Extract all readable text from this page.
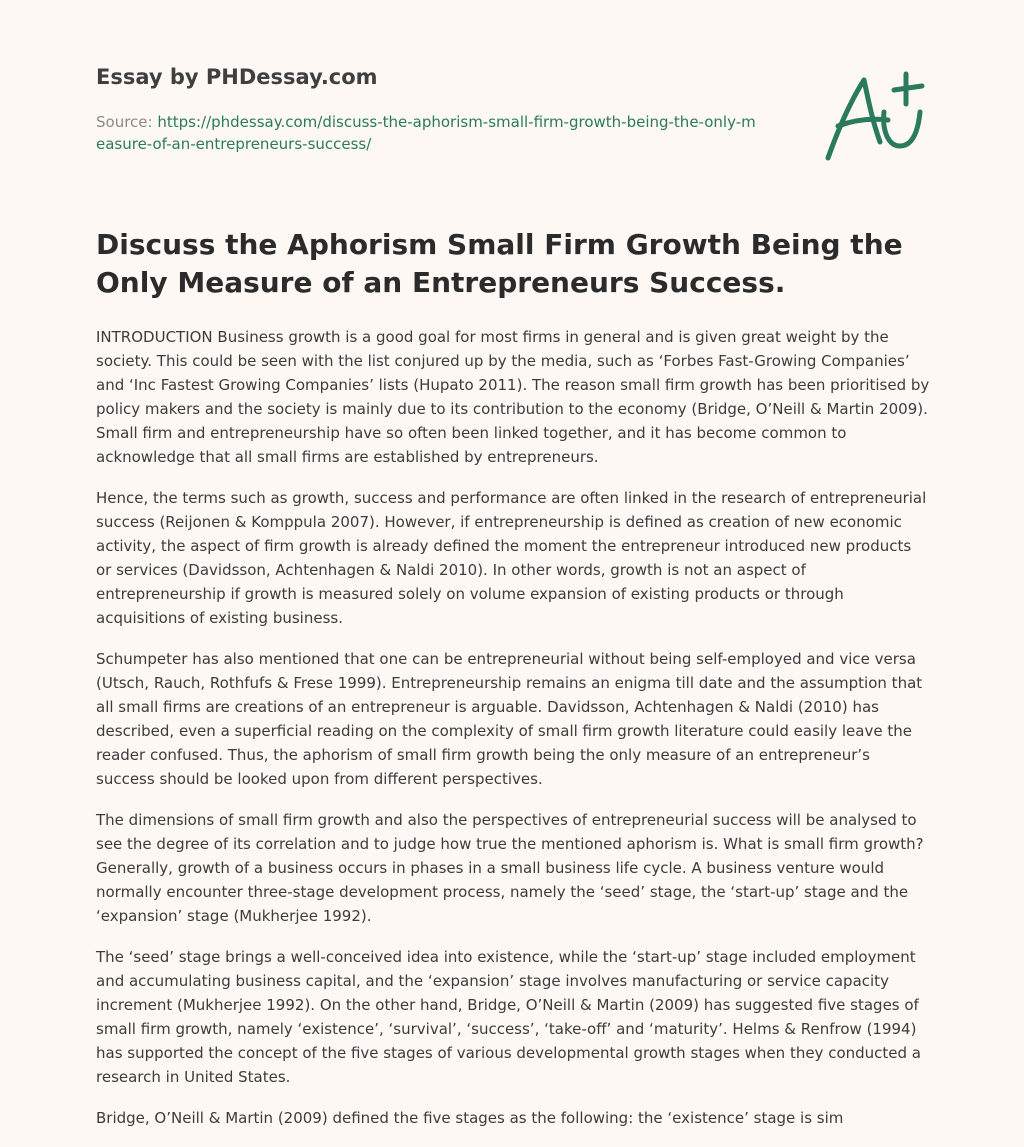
Essay by PHDessay.com
Source: https://phdessay.com/discuss-the-aphorism-small-firm-growth-being-the-only-measure-of-an-entrepreneurs-success/
Discuss the Aphorism Small Firm Growth Being the Only Measure of an Entrepreneurs Success.

INTRODUCTION Business growth is a good goal for most firms in general and is given great weight by the society. This could be seen with the list conjured up by the media, such as ‘Forbes Fast-Growing Companies’ and ‘Inc Fastest Growing Companies’ lists (Hupato 2011). The reason small firm growth has been prioritised by policy makers and the society is mainly due to its contribution to the economy (Bridge, O’Neill & Martin 2009). Small firm and entrepreneurship have so often been linked together, and it has become common to acknowledge that all small firms are established by entrepreneurs.

Hence, the terms such as growth, success and performance are often linked in the research of entrepreneurial success (Reijonen & Komppula 2007). However, if entrepreneurship is defined as creation of new economic activity, the aspect of firm growth is already defined the moment the entrepreneur introduced new products or services (Davidsson, Achtenhagen & Naldi 2010). In other words, growth is not an aspect of entrepreneurship if growth is measured solely on volume expansion of existing products or through acquisitions of existing business.

Schumpeter has also mentioned that one can be entrepreneurial without being self-employed and vice versa (Utsch, Rauch, Rothfufs & Frese 1999). Entrepreneurship remains an enigma till date and the assumption that all small firms are creations of an entrepreneur is arguable. Davidsson, Achtenhagen & Naldi (2010) has described, even a superficial reading on the complexity of small firm growth literature could easily leave the reader confused. Thus, the aphorism of small firm growth being the only measure of an entrepreneur’s success should be looked upon from different perspectives.

The dimensions of small firm growth and also the perspectives of entrepreneurial success will be analysed to see the degree of its correlation and to judge how true the mentioned aphorism is. What is small firm growth? Generally, growth of a business occurs in phases in a small business life cycle. A business venture would normally encounter three-stage development process, namely the ‘seed’ stage, the ‘start-up’ stage and the ‘expansion’ stage (Mukherjee 1992).

The ‘seed’ stage brings a well-conceived idea into existence, while the ‘start-up’ stage included employment and accumulating business capital, and the ‘expansion’ stage involves manufacturing or service capacity increment (Mukherjee 1992). On the other hand, Bridge, O’Neill & Martin (2009) has suggested five stages of small firm growth, namely ‘existence’, ‘survival’, ‘success’, ‘take-off’ and ‘maturity’. Helms & Renfrow (1994) has supported the concept of the five stages of various developmental growth stages when they conducted a research in United States.

Bridge, O’Neill & Martin (2009) defined the five stages as the following: the ‘existence’ stage is sim
